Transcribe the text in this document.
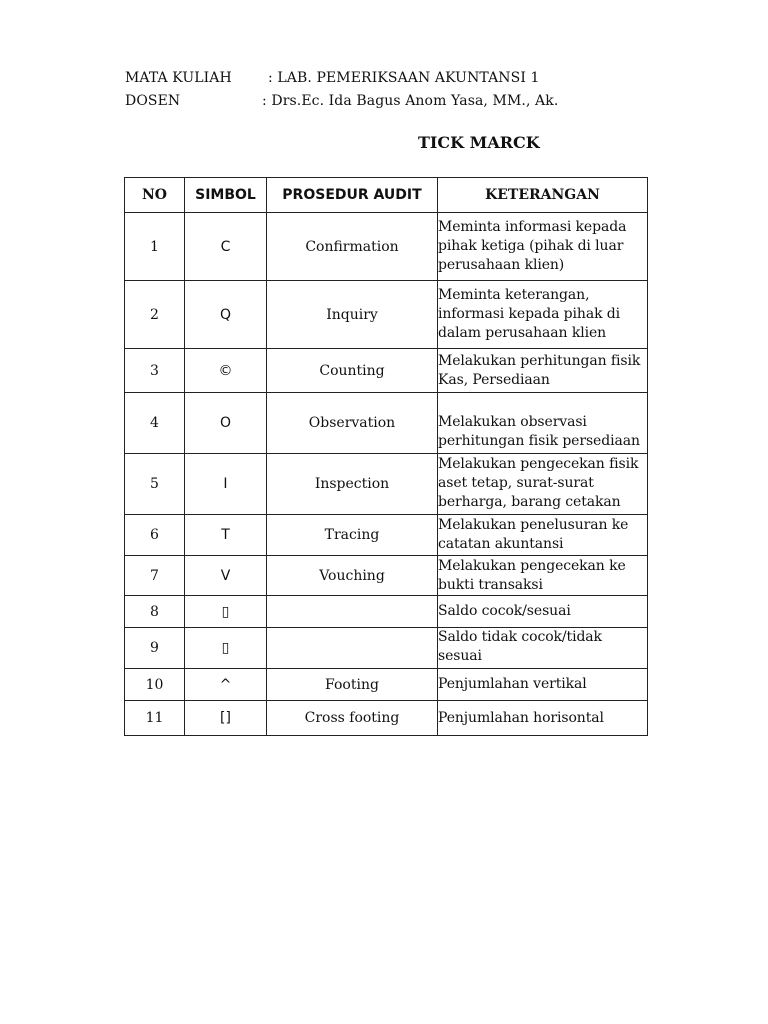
MATA KULIAH	: LAB. PEMERIKSAAN AKUNTANSI 1
DOSEN	: Drs.Ec. Ida Bagus Anom Yasa, MM., Ak.
TICK MARCK
NO	SIMBOL	PROSEDUR AUDIT	KETERANGAN
1	C	Confirmation	Meminta informasi kepada pihak ketiga (pihak di luar perusahaan klien)
2	Q	Inquiry	Meminta keterangan, informasi kepada pihak di dalam perusahaan klien
3	©	Counting	Melakukan perhitungan fisik Kas, Persediaan
4	O	Observation	Melakukan observasi perhitungan fisik persediaan
5	I	Inspection	Melakukan pengecekan fisik aset tetap, surat-surat berharga, barang cetakan
6	T	Tracing	Melakukan penelusuran ke catatan akuntansi
7	V	Vouching	Melakukan pengecekan ke bukti transaksi
8	▯		Saldo cocok/sesuai
9	▯		Saldo tidak cocok/tidak sesuai
10	^	Footing	Penjumlahan vertikal
11	[]	Cross footing	Penjumlahan horisontal
